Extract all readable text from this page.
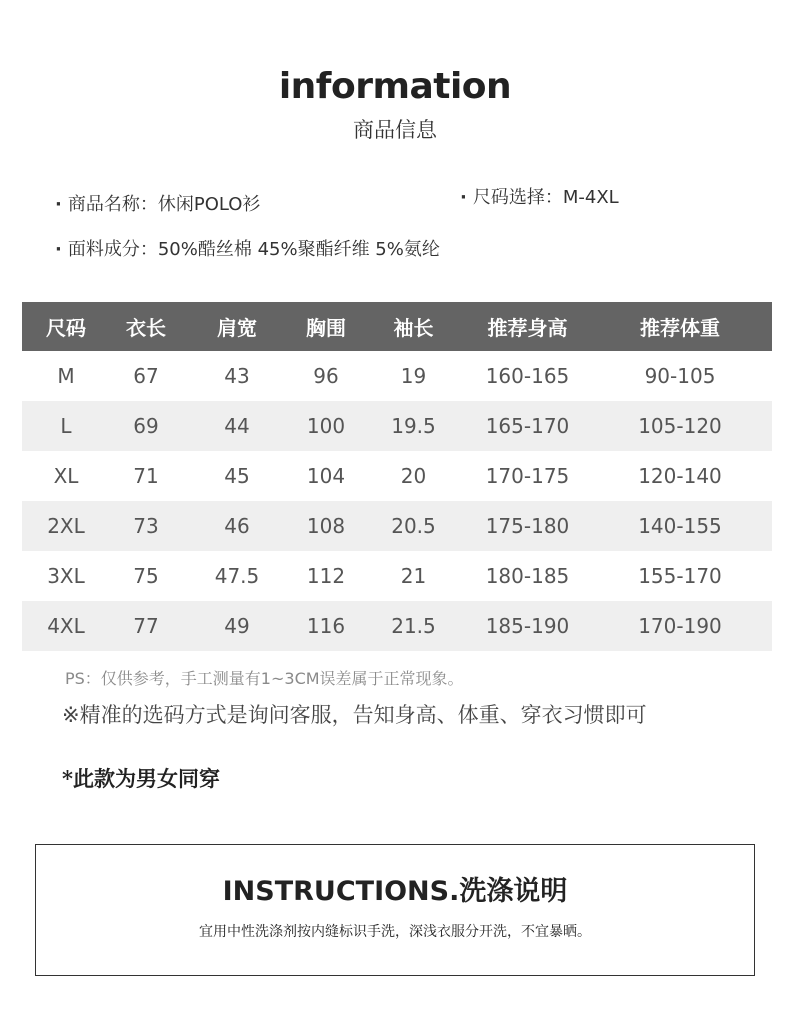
information
商品信息
· 商品名称：休闲POLO衫	· 尺码选择：M-4XL
· 面料成分：50%酷丝棉 45%聚酯纤维 5%氨纶
尺码	衣长	肩宽	胸围	袖长	推荐身高	推荐体重
M	67	43	96	19	160-165	90-105
L	69	44	100	19.5	165-170	105-120
XL	71	45	104	20	170-175	120-140
2XL	73	46	108	20.5	175-180	140-155
3XL	75	47.5	112	21	180-185	155-170
4XL	77	49	116	21.5	185-190	170-190
PS：仅供参考，手工测量有1~3CM误差属于正常现象。
※精准的选码方式是询问客服，告知身高、体重、穿衣习惯即可
*此款为男女同穿
INSTRUCTIONS.洗涤说明
宜用中性洗涤剂按内缝标识手洗，深浅衣服分开洗，不宜暴晒。
